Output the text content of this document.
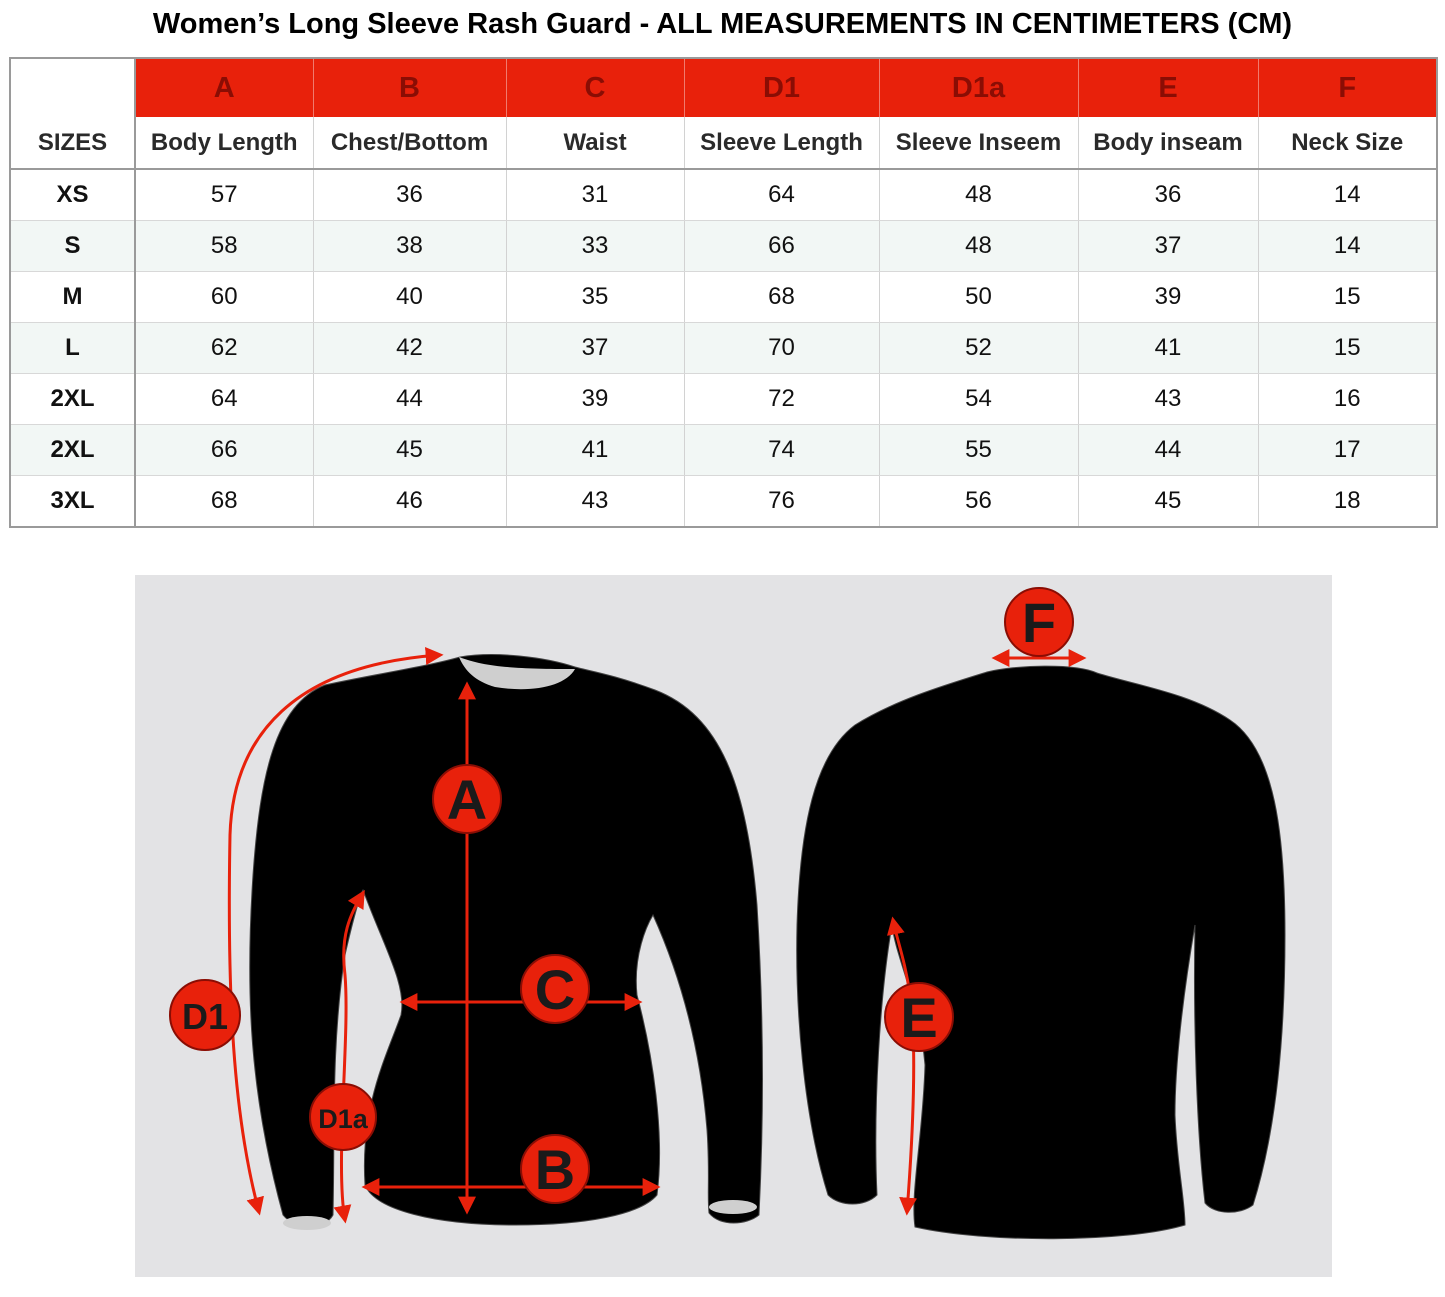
Women’s Long Sleeve Rash Guard - ALL MEASUREMENTS IN CENTIMETERS (CM)
	A	B	C	D1	D1a	E	F
SIZES	Body Length	Chest/Bottom	Waist	Sleeve Length	Sleeve Inseem	Body inseam	Neck Size
XS	57	36	31	64	48	36	14
S	58	38	33	66	48	37	14
M	60	40	35	68	50	39	15
L	62	42	37	70	52	41	15
2XL	64	44	39	72	54	43	16
2XL	66	45	41	74	55	44	17
3XL	68	46	43	76	56	45	18
A
C
B
D1
D1a
E
F
